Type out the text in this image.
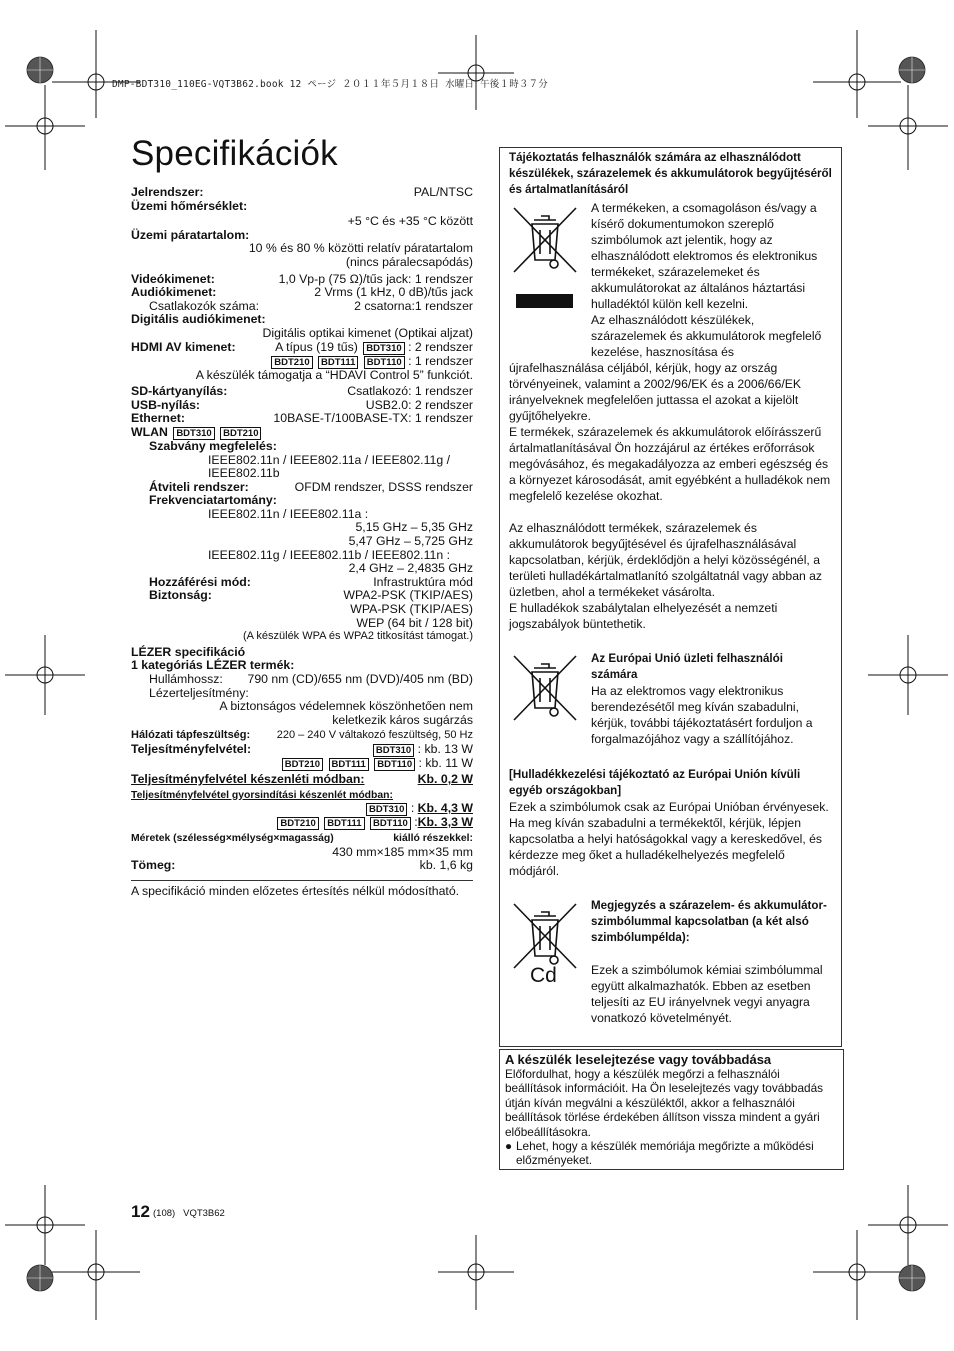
DMP-BDT310_110EG-VQT3B62.book 12 ページ ２０１１年５月１８日 水曜日 午後１時３７分
Specifikációk
Jelrendszer:	PAL/NTSC
Üzemi hőmérséklet:
+5 °C és +35 °C között
Üzemi páratartalom:
10 % és 80 % közötti relatív páratartalom
(nincs páralecsapódás)
Videókimenet:	1,0 Vp-p (75 Ω)/tűs jack: 1 rendszer
Audiókimenet:	2 Vrms (1 kHz, 0 dB)/tűs jack
Csatlakozók száma:	2 csatorna:1 rendszer
Digitális audiókimenet:
Digitális optikai kimenet (Optikai aljzat)
HDMI AV kimenet:	A típus (19 tűs) BDT310 : 2 rendszer
BDT210 BDT111 BDT110 : 1 rendszer
A készülék támogatja a “HDAVI Control 5” funkciót.
SD-kártyanyílás:	Csatlakozó: 1 rendszer
USB-nyílás:	USB2.0: 2 rendszer
Ethernet:	10BASE-T/100BASE-TX: 1 rendszer
WLAN BDT310 BDT210
Szabvány megfelelés:
IEEE802.11n / IEEE802.11a / IEEE802.11g /
IEEE802.11b
Átviteli rendszer:	OFDM rendszer, DSSS rendszer
Frekvenciatartomány:
IEEE802.11n / IEEE802.11a :
5,15 GHz – 5,35 GHz
5,47 GHz – 5,725 GHz
IEEE802.11g / IEEE802.11b / IEEE802.11n :
2,4 GHz – 2,4835 GHz
Hozzáférési mód:	Infrastruktúra mód
Biztonság:	WPA2-PSK (TKIP/AES)
WPA-PSK (TKIP/AES)
WEP (64 bit / 128 bit)
(A készülék WPA és WPA2 titkosítást támogat.)
LÉZER specifikáció
1 kategóriás LÉZER termék:
Hullámhossz: 790 nm (CD)/655 nm (DVD)/405 nm (BD)
Lézerteljesítmény:
A biztonságos védelemnek köszönhetően nem
keletkezik káros sugárzás
Hálózati tápfeszültség: 220 – 240 V váltakozó feszültség, 50 Hz
Teljesítményfelvétel:	BDT310 : kb. 13 W
BDT210 BDT111 BDT110 : kb. 11 W
Teljesítményfelvétel készenléti módban:	Kb. 0,2 W
Teljesítményfelvétel gyorsindítási készenlét módban:
BDT310 : Kb. 4,3 W
BDT210 BDT111 BDT110 :Kb. 3,3 W
Méretek (szélesség×mélység×magasság)	kiálló részekkel:
430 mm×185 mm×35 mm
Tömeg:	kb. 1,6 kg
A specifikáció minden előzetes értesítés nélkül módosítható.
Tájékoztatás felhasználók számára az elhasználódott készülékek, szárazelemek és akkumulátorok begyűjtéséről és ártalmatlanításáról
A termékeken, a csomagoláson és/vagy a kísérő dokumentumokon szereplő szimbólumok azt jelentik, hogy az elhasználódott elektromos és elektronikus termékeket, szárazelemeket és akkumulátorokat az általános háztartási hulladéktól külön kell kezelni.
Az elhasználódott készülékek, szárazelemek és akkumulátorok megfelelő kezelése, hasznosítása és
újrafelhasználása céljából, kérjük, hogy az ország törvényeinek, valamint a 2002/96/EK és a 2006/66/EK irányelveknek megfelelően juttassa el azokat a kijelölt gyűjtőhelyekre.
E termékek, szárazelemek és akkumulátorok előírásszerű ártalmatlanításával Ön hozzájárul az értékes erőforrások megóvásához, és megakadályozza az emberi egészség és a környezet károsodását, amit egyébként a hulladékok nem megfelelő kezelése okozhat.
Az elhasználódott termékek, szárazelemek és akkumulátorok begyűjtésével és újrafelhasználásával kapcsolatban, kérjük, érdeklődjön a helyi közösségénél, a területi hulladékártalmatlanító szolgáltatnál vagy abban az üzletben, ahol a termékeket vásárolta.
E hulladékok szabálytalan elhelyezését a nemzeti jogszabályok büntethetik.
Az Európai Unió üzleti felhasználói számára
Ha az elektromos vagy elektronikus berendezésétől meg kíván szabadulni, kérjük, további tájékoztatásért forduljon a forgalmazójához vagy a szállítójához.
[Hulladékkezelési tájékoztató az Európai Unión kívüli egyéb országokban]
Ezek a szimbólumok csak az Európai Unióban érvényesek. Ha meg kíván szabadulni a termékektől, kérjük, lépjen kapcsolatba a helyi hatóságokkal vagy a kereskedővel, és kérdezze meg őket a hulladékelhelyezés megfelelő módjáról.
Cd
Megjegyzés a szárazelem- és akkumulátor-szimbólummal kapcsolatban (a két alsó szimbólumpélda):
Ezek a szimbólumok kémiai szimbólummal együtt alkalmazhatók. Ebben az esetben teljesíti az EU irányelvnek vegyi anyagra vonatkozó követelményét.
A készülék leselejtezése vagy továbbadása
Előfordulhat, hogy a készülék megőrzi a felhasználói beállítások információit. Ha Ön leselejtezés vagy továbbadás útján kíván megválni a készüléktől, akkor a felhasználói beállítások törlése érdekében állítson vissza mindent a gyári előbeállításokra.
● Lehet, hogy a készülék memóriája megőrizte a működési előzményeket.
12 (108) VQT3B62
